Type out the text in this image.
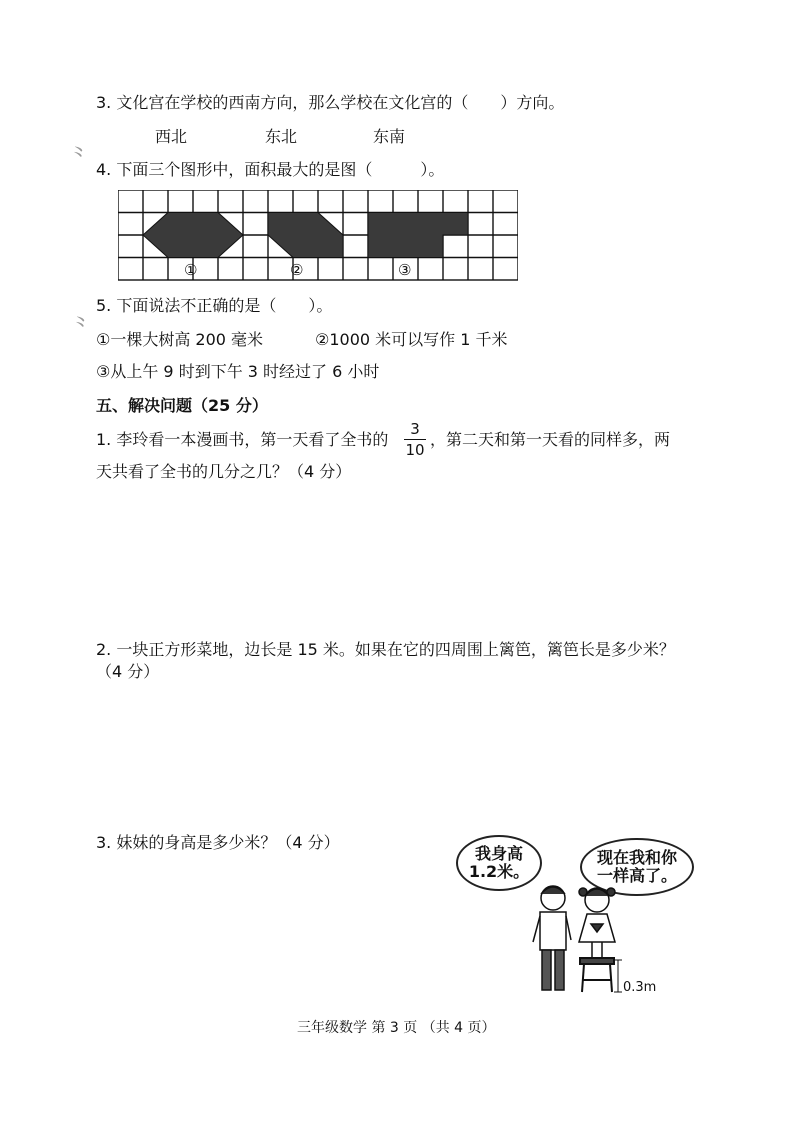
⺀
⺀
3. 文化宫在学校的西南方向，那么学校在文化宫的（　　）方向。
西北	东北	东南
4. 下面三个图形中，面积最大的是图（　　　）。
①	②	③
5. 下面说法不正确的是（　　）。
①一棵大树高 200 毫米	②1000 米可以写作 1 千米
③从上午 9 时到下午 3 时经过了 6 小时
五、解决问题（25 分）
1. 李玲看一本漫画书，第一天看了全书的
3
10
，第二天和第一天看的同样多，两
天共看了全书的几分之几？（4 分）
2. 一块正方形菜地，边长是 15 米。如果在它的四周围上篱笆，篱笆长是多少米？
（4 分）
3. 妹妹的身高是多少米？（4 分）
我身高
1.2米。
现在我和你
一样高了。
0.3m
三年级数学 第 3 页 （共 4 页）
